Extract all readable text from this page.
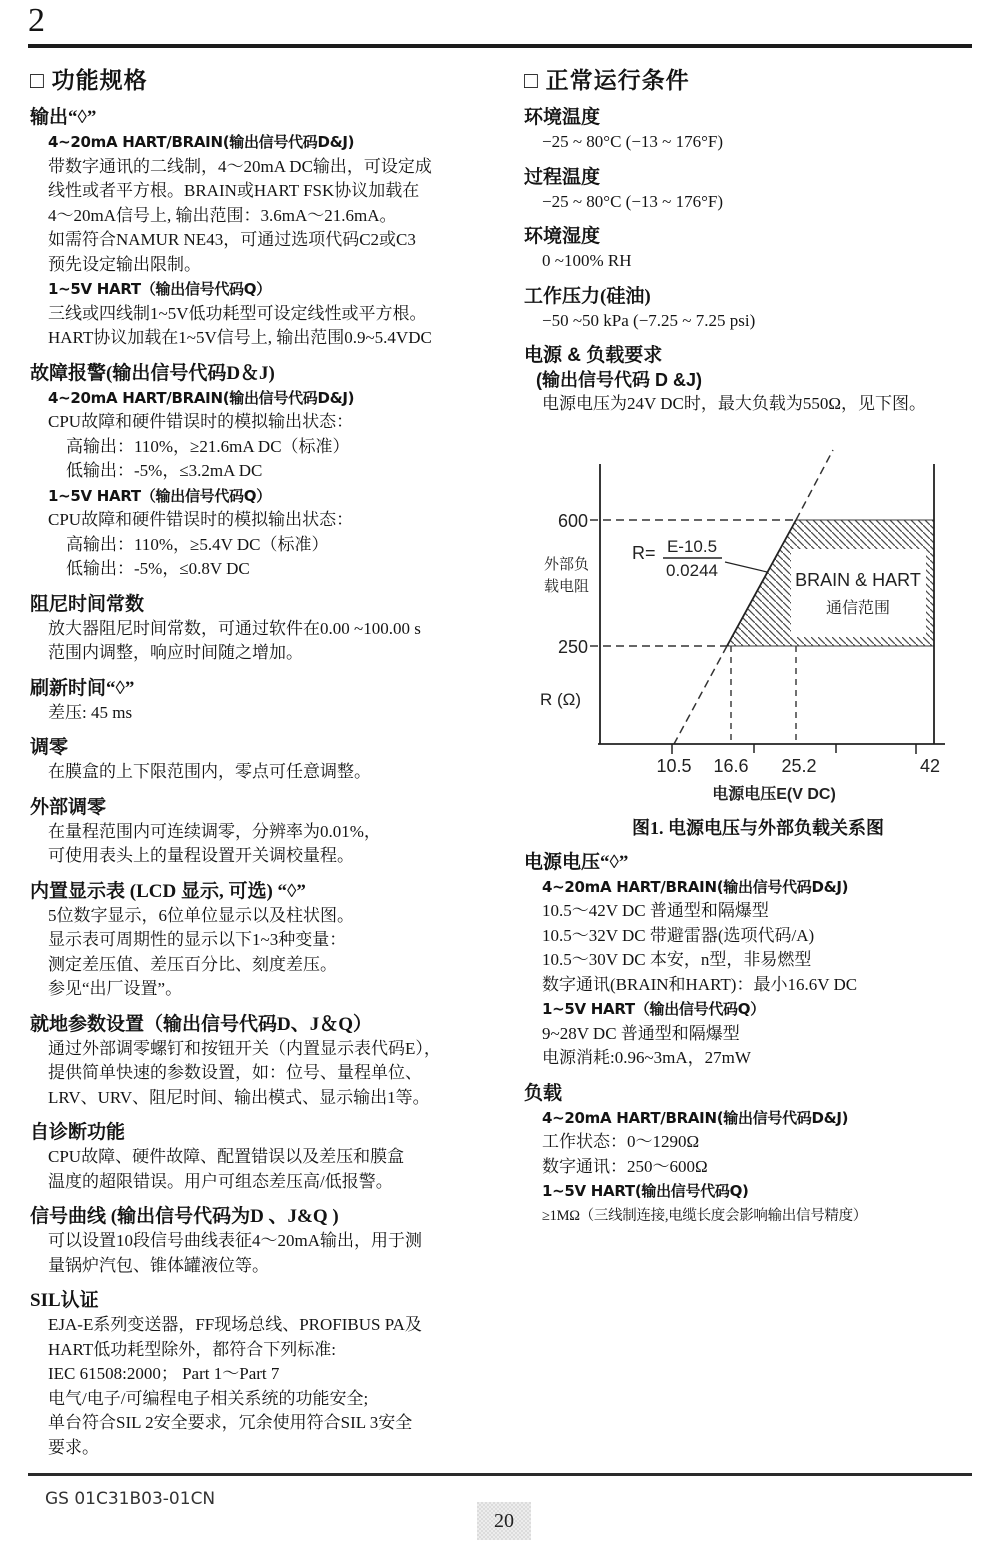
2
□ 功能规格
输出“◊”
4~20mA HART/BRAIN(输出信号代码D&J)
带数字通讯的二线制，4～20mA DC输出，可设定成
线性或者平方根。BRAIN或HART FSK协议加载在
4～20mA信号上, 输出范围：3.6mA～21.6mA。
如需符合NAMUR NE43，可通过选项代码C2或C3
预先设定输出限制。
1~5V HART（输出信号代码Q）
三线或四线制1~5V低功耗型可设定线性或平方根。
HART协议加载在1~5V信号上, 输出范围0.9~5.4VDC
故障报警(输出信号代码D＆J)
4~20mA HART/BRAIN(输出信号代码D&J)
CPU故障和硬件错误时的模拟输出状态：
高输出：110%，≥21.6mA DC（标准）
低输出：-5%，≤3.2mA DC
1~5V HART（输出信号代码Q）
CPU故障和硬件错误时的模拟输出状态：
高输出：110%，≥5.4V DC（标准）
低输出：-5%，≤0.8V DC
阻尼时间常数
放大器阻尼时间常数，可通过软件在0.00 ~100.00 s
范围内调整，响应时间随之增加。
刷新时间“◊”
差压: 45 ms
调零
在膜盒的上下限范围内，零点可任意调整。
外部调零
在量程范围内可连续调零，分辨率为0.01%，
可使用表头上的量程设置开关调校量程。
内置显示表 (LCD 显示, 可选) “◊”
5位数字显示，6位单位显示以及柱状图。
显示表可周期性的显示以下1~3种变量：
测定差压值、差压百分比、刻度差压。
参见“出厂设置”。
就地参数设置（输出信号代码D、J＆Q）
通过外部调零螺钉和按钮开关（内置显示表代码E），
提供简单快速的参数设置，如：位号、量程单位、
LRV、URV、阻尼时间、输出模式、显示输出1等。
自诊断功能
CPU故障、硬件故障、配置错误以及差压和膜盒
温度的超限错误。用户可组态差压高/低报警。
信号曲线 (输出信号代码为D 、J&Q )
可以设置10段信号曲线表征4～20mA输出，用于测
量锅炉汽包、锥体罐液位等。
SIL认证
EJA-E系列变送器，FF现场总线、PROFIBUS PA及
HART低功耗型除外，都符合下列标准:
IEC 61508:2000； Part 1～Part 7
电气/电子/可编程电子相关系统的功能安全;
单台符合SIL 2安全要求，冗余使用符合SIL 3安全
要求。
□ 正常运行条件
环境温度
−25 ~ 80°C (−13 ~ 176°F)
过程温度
−25 ~ 80°C (−13 ~ 176°F)
环境湿度
0 ~100% RH
工作压力(硅油)
−50 ~50 kPa (−7.25 ~ 7.25 psi)
电源 & 负载要求
(输出信号代码 D &J)
电源电压为24V DC时，最大负载为550Ω，见下图。
BRAIN & HART
通信范围
600
250
外部负
载电阻
R (Ω)
R= E-10.5
0.0244
10.5 16.6 25.2	42
电源电压E(V DC)
图1. 电源电压与外部负载关系图
电源电压“◊”
4~20mA HART/BRAIN(输出信号代码D&J)
10.5～42V DC 普通型和隔爆型
10.5～32V DC 带避雷器(选项代码/A)
10.5～30V DC 本安，n型，非易燃型
数字通讯(BRAIN和HART)：最小16.6V DC
1~5V HART（输出信号代码Q）
9~28V DC 普通型和隔爆型
电源消耗:0.96~3mA，27mW
负载
4~20mA HART/BRAIN(输出信号代码D&J)
工作状态：0～1290Ω
数字通讯：250～600Ω
1~5V HART(输出信号代码Q)
≥1MΩ（三线制连接,电缆长度会影响输出信号精度）
GS 01C31B03-01CN
20
